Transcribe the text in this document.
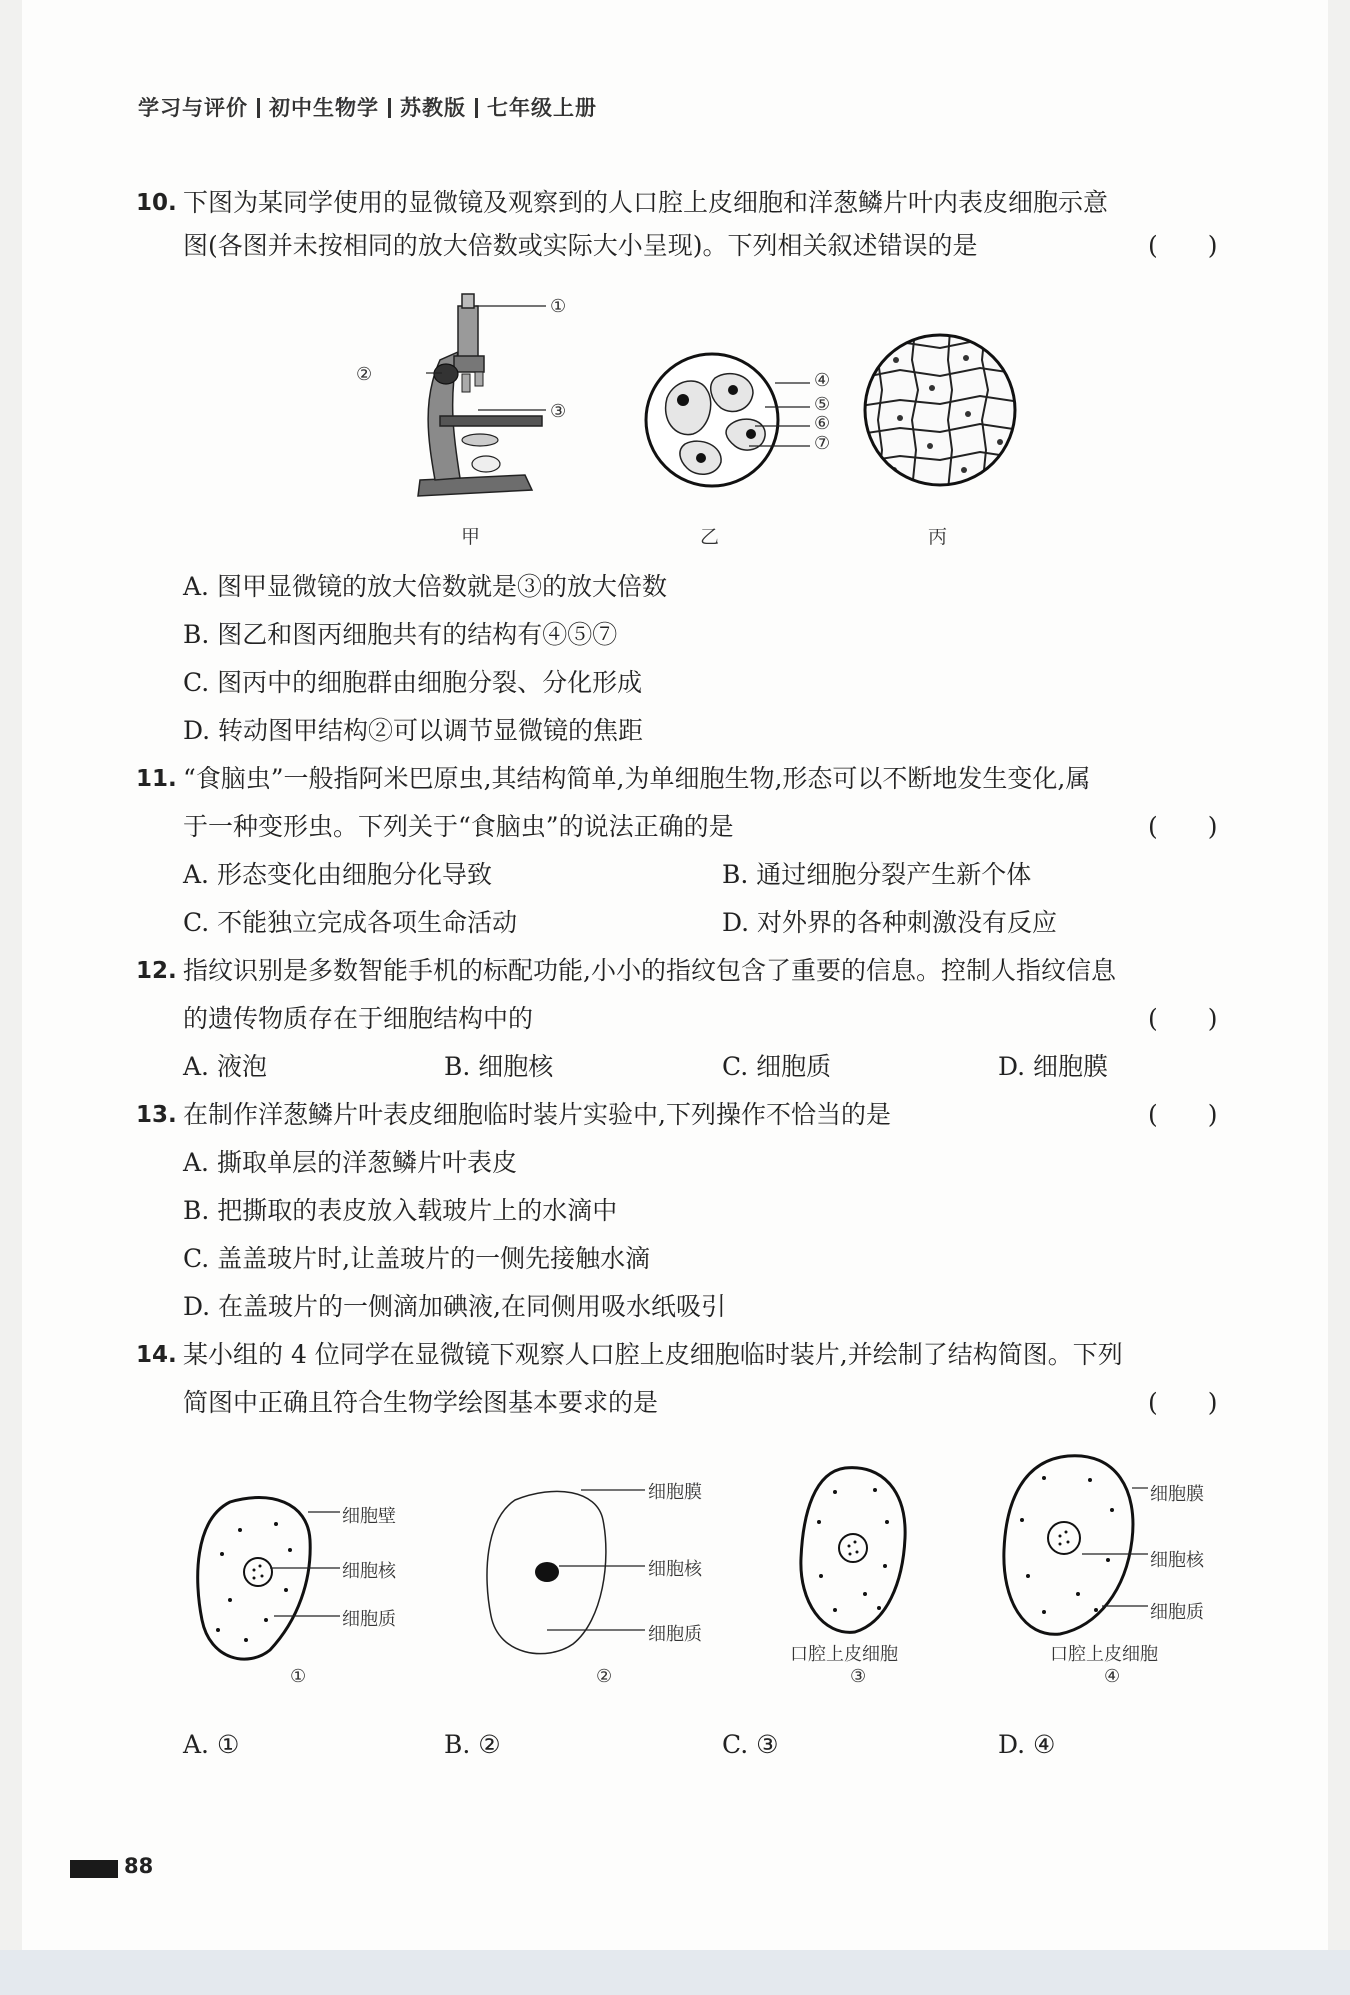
学习与评价 初中生物学 苏教版 七年级上册
10. 下图为某同学使用的显微镜及观察到的人口腔上皮细胞和洋葱鳞片叶内表皮细胞示意
图(各图并未按相同的放大倍数或实际大小呈现)。下列相关叙述错误的是	(　　)
①
②
③
甲
④
⑤
⑥
⑦
乙	丙
A. 图甲显微镜的放大倍数就是③的放大倍数
B. 图乙和图丙细胞共有的结构有④⑤⑦
C. 图丙中的细胞群由细胞分裂、分化形成
D. 转动图甲结构②可以调节显微镜的焦距
11. “食脑虫”一般指阿米巴原虫,其结构简单,为单细胞生物,形态可以不断地发生变化,属
于一种变形虫。下列关于“食脑虫”的说法正确的是	(　　)
A. 形态变化由细胞分化导致	B. 通过细胞分裂产生新个体
C. 不能独立完成各项生命活动	D. 对外界的各种刺激没有反应
12. 指纹识别是多数智能手机的标配功能,小小的指纹包含了重要的信息。控制人指纹信息
的遗传物质存在于细胞结构中的	(　　)
A. 液泡	B. 细胞核	C. 细胞质	D. 细胞膜
13. 在制作洋葱鳞片叶表皮细胞临时装片实验中,下列操作不恰当的是	(　　)
A. 撕取单层的洋葱鳞片叶表皮
B. 把撕取的表皮放入载玻片上的水滴中
C. 盖盖玻片时,让盖玻片的一侧先接触水滴
D. 在盖玻片的一侧滴加碘液,在同侧用吸水纸吸引
14. 某小组的 4 位同学在显微镜下观察人口腔上皮细胞临时装片,并绘制了结构简图。下列
简图中正确且符合生物学绘图基本要求的是	(　　)
细胞壁
细胞核
细胞质
①
细胞膜
细胞核
细胞质
②
口腔上皮细胞
③
细胞膜
细胞核
细胞质
口腔上皮细胞
④
A. ①	B. ②	C. ③	D. ④
88
